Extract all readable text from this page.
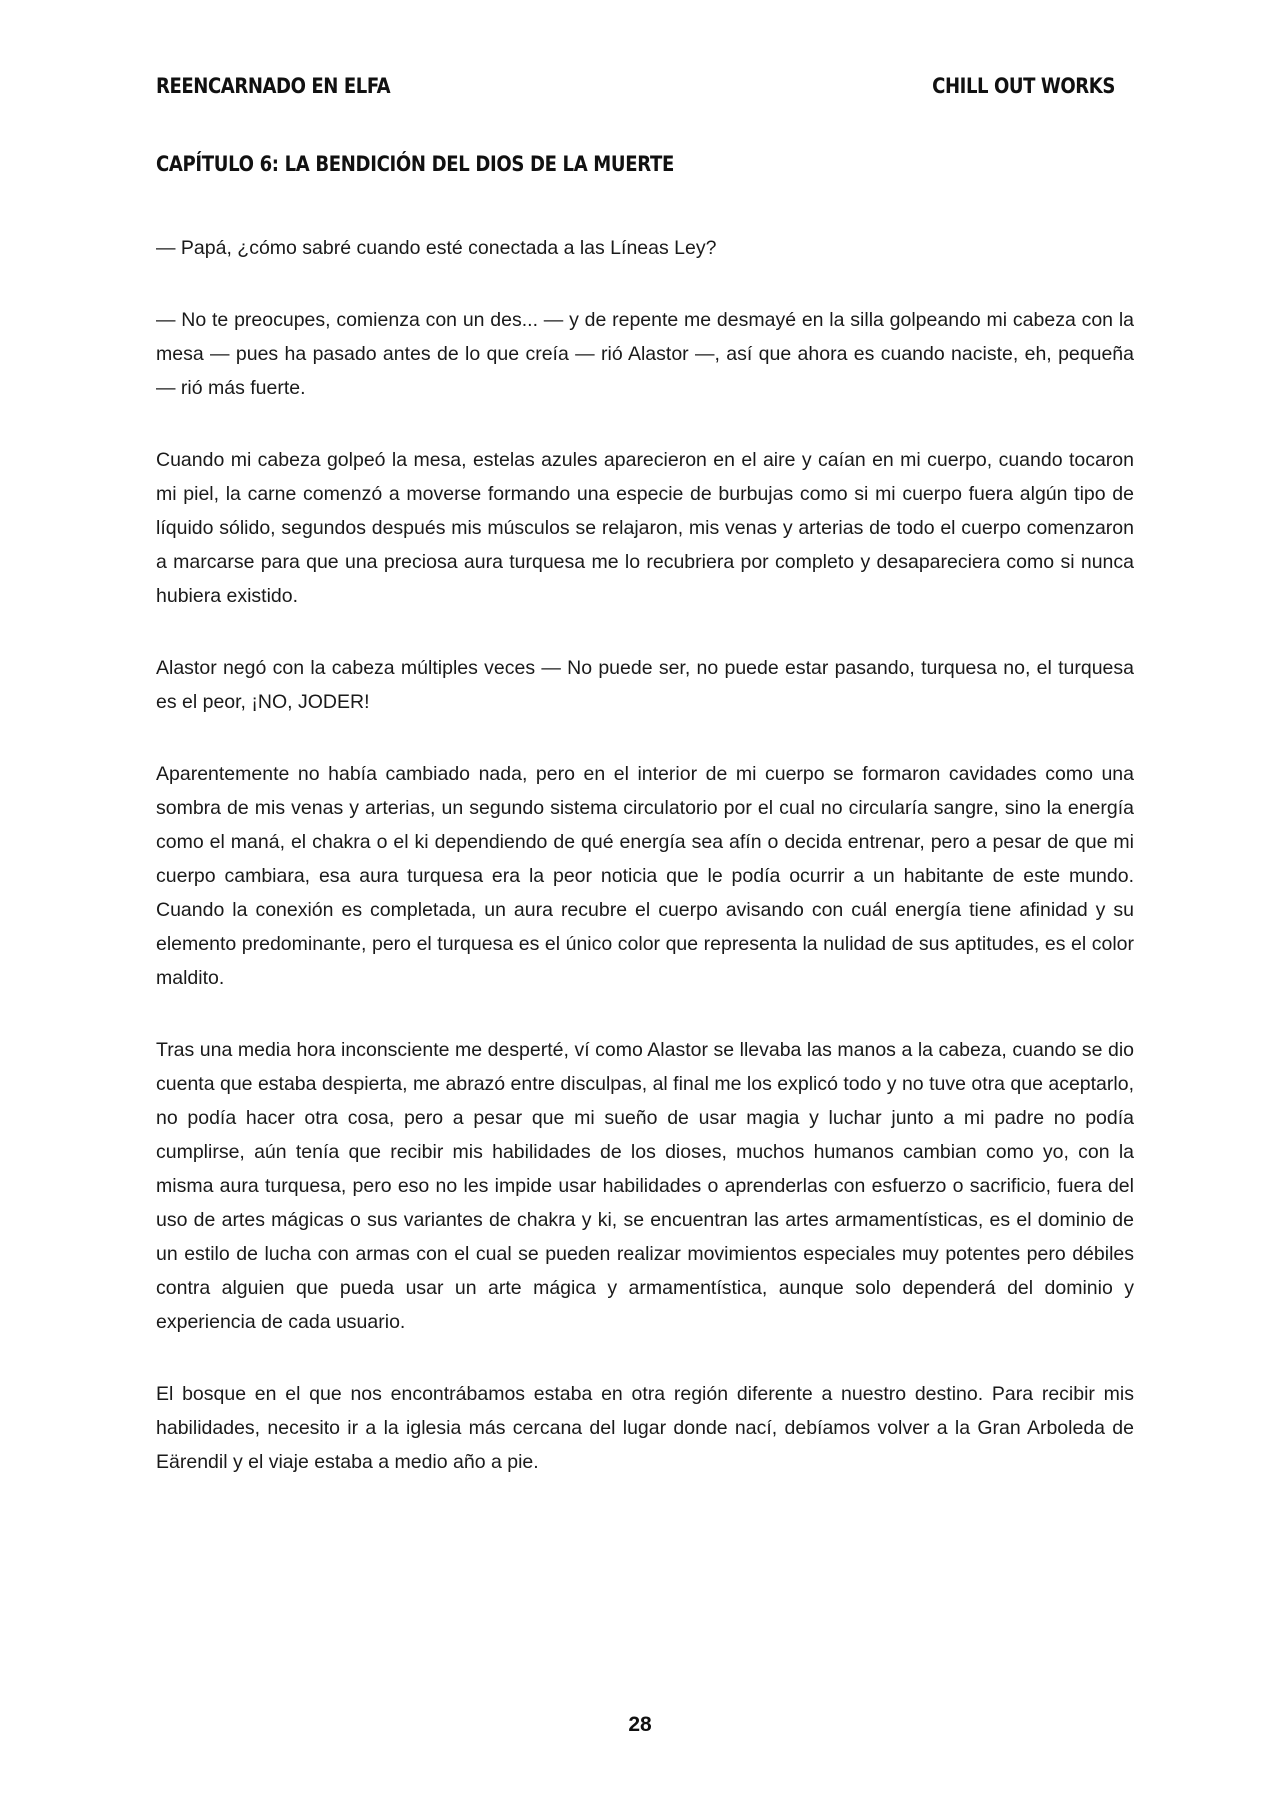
REENCARNADO EN ELFA	CHILL OUT WORKS
CAPÍTULO 6: LA BENDICIÓN DEL DIOS DE LA MUERTE

— Papá, ¿cómo sabré cuando esté conectada a las Líneas Ley?

— No te preocupes, comienza con un des... — y de repente me desmayé en la silla golpeando mi cabeza con la mesa — pues ha pasado antes de lo que creía — rió Alastor —, así que ahora es cuando naciste, eh, pequeña — rió más fuerte.

Cuando mi cabeza golpeó la mesa, estelas azules aparecieron en el aire y caían en mi cuerpo, cuando tocaron mi piel, la carne comenzó a moverse formando una especie de burbujas como si mi cuerpo fuera algún tipo de líquido sólido, segundos después mis músculos se relajaron, mis venas y arterias de todo el cuerpo comenzaron a marcarse para que una preciosa aura turquesa me lo recubriera por completo y desapareciera como si nunca hubiera existido.

Alastor negó con la cabeza múltiples veces — No puede ser, no puede estar pasando, turquesa no, el turquesa es el peor, ¡NO, JODER!

Aparentemente no había cambiado nada, pero en el interior de mi cuerpo se formaron cavidades como una sombra de mis venas y arterias, un segundo sistema circulatorio por el cual no circularía sangre, sino la energía como el maná, el chakra o el ki dependiendo de qué energía sea afín o decida entrenar, pero a pesar de que mi cuerpo cambiara, esa aura turquesa era la peor noticia que le podía ocurrir a un habitante de este mundo. Cuando la conexión es completada, un aura recubre el cuerpo avisando con cuál energía tiene afinidad y su elemento predominante, pero el turquesa es el único color que representa la nulidad de sus aptitudes, es el color maldito.

Tras una media hora inconsciente me desperté, ví como Alastor se llevaba las manos a la cabeza, cuando se dio cuenta que estaba despierta, me abrazó entre disculpas, al final me los explicó todo y no tuve otra que aceptarlo, no podía hacer otra cosa, pero a pesar que mi sueño de usar magia y luchar junto a mi padre no podía cumplirse, aún tenía que recibir mis habilidades de los dioses, muchos humanos cambian como yo, con la misma aura turquesa, pero eso no les impide usar habilidades o aprenderlas con esfuerzo o sacrificio, fuera del uso de artes mágicas o sus variantes de chakra y ki, se encuentran las artes armamentísticas, es el dominio de un estilo de lucha con armas con el cual se pueden realizar movimientos especiales muy potentes pero débiles contra alguien que pueda usar un arte mágica y armamentística, aunque solo dependerá del dominio y experiencia de cada usuario.

El bosque en el que nos encontrábamos estaba en otra región diferente a nuestro destino. Para recibir mis habilidades, necesito ir a la iglesia más cercana del lugar donde nací, debíamos volver a la Gran Arboleda de Eärendil y el viaje estaba a medio año a pie.

28
